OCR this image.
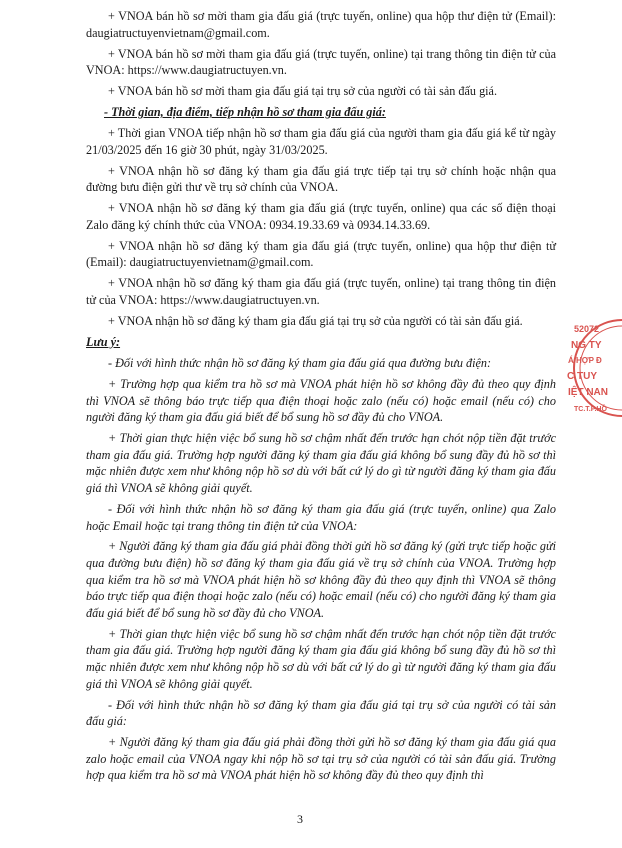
+ VNOA bán hồ sơ mời tham gia đấu giá (trực tuyến, online) qua hộp thư điện tử (Email): daugiatructuyenvietnam@gmail.com.

+ VNOA bán hồ sơ mời tham gia đấu giá (trực tuyến, online) tại trang thông tin điện tử của VNOA: https://www.daugiatructuyen.vn.

+ VNOA bán hồ sơ mời tham gia đấu giá tại trụ sở của người có tài sản đấu giá.

- Thời gian, địa điểm, tiếp nhận hồ sơ tham gia đấu giá:

+ Thời gian VNOA tiếp nhận hồ sơ tham gia đấu giá của người tham gia đấu giá kể từ ngày 21/03/2025 đến 16 giờ 30 phút, ngày 31/03/2025.

+ VNOA nhận hồ sơ đăng ký tham gia đấu giá trực tiếp tại trụ sở chính hoặc nhận qua đường bưu điện gửi thư về trụ sở chính của VNOA.

+ VNOA nhận hồ sơ đăng ký tham gia đấu giá (trực tuyến, online) qua các số điện thoại Zalo đăng ký chính thức của VNOA: 0934.19.33.69 và 0934.14.33.69.

+ VNOA nhận hồ sơ đăng ký tham gia đấu giá (trực tuyến, online) qua hộp thư điện tử (Email): daugiatructuyenvietnam@gmail.com.

+ VNOA nhận hồ sơ đăng ký tham gia đấu giá (trực tuyến, online) tại trang thông tin điện tử của VNOA: https://www.daugiatructuyen.vn.

+ VNOA nhận hồ sơ đăng ký tham gia đấu giá tại trụ sở của người có tài sản đấu giá.

Lưu ý:

- Đối với hình thức nhận hồ sơ đăng ký tham gia đấu giá qua đường bưu điện:

+ Trường hợp qua kiểm tra hồ sơ mà VNOA phát hiện hồ sơ không đầy đủ theo quy định thì VNOA sẽ thông báo trực tiếp qua điện thoại hoặc zalo (nếu có) hoặc email (nếu có) cho người đăng ký tham gia đấu giá biết để bổ sung hồ sơ đầy đủ cho VNOA.

+ Thời gian thực hiện việc bổ sung hồ sơ chậm nhất đến trước hạn chót nộp tiền đặt trước tham gia đấu giá. Trường hợp người đăng ký tham gia đấu giá không bổ sung đầy đủ hồ sơ thì mặc nhiên được xem như không nộp hồ sơ dù với bất cứ lý do gì từ người đăng ký tham gia đấu giá thì VNOA sẽ không giải quyết.

- Đối với hình thức nhận hồ sơ đăng ký tham gia đấu giá (trực tuyến, online) qua Zalo hoặc Email hoặc tại trang thông tin điện tử của VNOA:

+ Người đăng ký tham gia đấu giá phải đồng thời gửi hồ sơ đăng ký (gửi trực tiếp hoặc gửi qua đường bưu điện) hồ sơ đăng ký tham gia đấu giá về trụ sở chính của VNOA. Trường hợp qua kiểm tra hồ sơ mà VNOA phát hiện hồ sơ không đầy đủ theo quy định thì VNOA sẽ thông báo trực tiếp qua điện thoại hoặc zalo (nếu có) hoặc email (nếu có) cho người đăng ký tham gia đấu giá biết để bổ sung hồ sơ đầy đủ cho VNOA.

+ Thời gian thực hiện việc bổ sung hồ sơ chậm nhất đến trước hạn chót nộp tiền đặt trước tham gia đấu giá. Trường hợp người đăng ký tham gia đấu giá không bổ sung đầy đủ hồ sơ thì mặc nhiên được xem như không nộp hồ sơ dù với bất cứ lý do gì từ người đăng ký tham gia đấu giá thì VNOA sẽ không giải quyết.

- Đối với hình thức nhận hồ sơ đăng ký tham gia đấu giá tại trụ sở của người có tài sản đấu giá:

+ Người đăng ký tham gia đấu giá phải đồng thời gửi hồ sơ đăng ký tham gia đấu giá qua zalo hoặc email của VNOA ngay khi nộp hồ sơ tại trụ sở của người có tài sản đấu giá. Trường hợp qua kiểm tra hồ sơ mà VNOA phát hiện hồ sơ không đầy đủ theo quy định thì

52072
NG TY
Á HỢP Đ
C TUY
IỆT NAN
TC.T.P.HỒ
3
